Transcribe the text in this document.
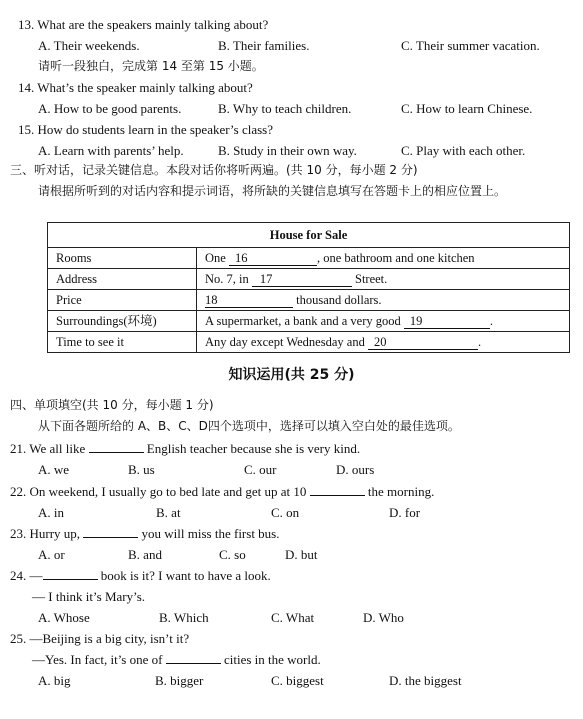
13. What are the speakers mainly talking about?
A. Their weekends.	B. Their families.	C. Their summer vacation.
请听一段独白，完成第 14 至第 15 小题。
14. What’s the speaker mainly talking about?
A. How to be good parents.	B. Why to teach children.	C. How to learn Chinese.
15. How do students learn in the speaker’s class?
A. Learn with parents’ help.	B. Study in their own way.	C. Play with each other.
三、听对话，记录关键信息。本段对话你将听两遍。(共 10 分，每小题 2 分)
请根据所听到的对话内容和提示词语，将所缺的关键信息填写在答题卡上的相应位置上。
House for Sale	
Rooms	One 16 , one bathroom and one kitchen
Address	No. 7, in 17 Street.
Price	18 thousand dollars.
Surroundings(环境)	A supermarket, a bank and a very good 19 .
Time to see it	Any day except Wednesday and 20 .
知识运用(共 25 分)
四、单项填空(共 10 分，每小题 1 分)
从下面各题所给的 A、B、C、D四个选项中，选择可以填入空白处的最佳选项。
21. We all like	English teacher because she is very kind.
A. we	B. us	C. our	D. ours
22. On weekend, I usually go to bed late and get up at 10	the morning.
A. in	B. at	C. on	D. for
23. Hurry up,	you will miss the first bus.
A. or	B. and	C. so	D. but
24. —	book is it? I want to have a look.
— I think it’s Mary’s.
A. Whose	B. Which	C. What	D. Who
25. —Beijing is a big city, isn’t it?
—Yes. In fact, it’s one of	cities in the world.
A. big	B. bigger	C. biggest	D. the biggest
